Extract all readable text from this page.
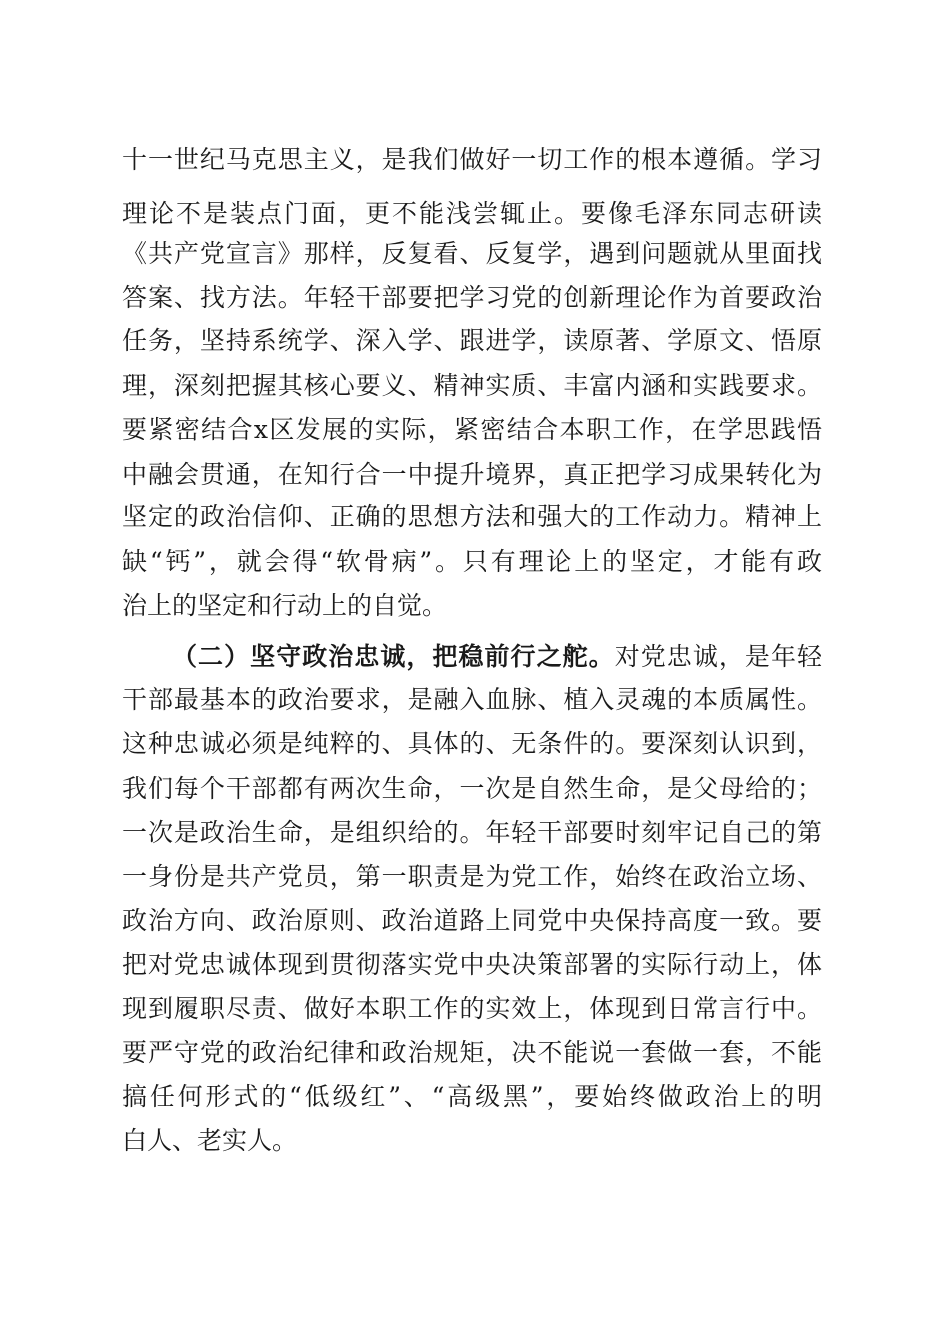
十一世纪马克思主义，是我们做好一切工作的根本遵循。学习
理论不是装点门面，更不能浅尝辄止。要像毛泽东同志研读
《共产党宣言》那样，反复看、反复学，遇到问题就从里面找
答案、找方法。年轻干部要把学习党的创新理论作为首要政治
任务，坚持系统学、深入学、跟进学，读原著、学原文、悟原
理，深刻把握其核心要义、精神实质、丰富内涵和实践要求。
要紧密结合x区发展的实际，紧密结合本职工作，在学思践悟
中融会贯通，在知行合一中提升境界，真正把学习成果转化为
坚定的政治信仰、正确的思想方法和强大的工作动力。精神上
缺“钙”，就会得“软骨病”。只有理论上的坚定，才能有政
治上的坚定和行动上的自觉。
（二）坚守政治忠诚，把稳前行之舵。对党忠诚，是年轻
干部最基本的政治要求，是融入血脉、植入灵魂的本质属性。
这种忠诚必须是纯粹的、具体的、无条件的。要深刻认识到，
我们每个干部都有两次生命，一次是自然生命，是父母给的；
一次是政治生命，是组织给的。年轻干部要时刻牢记自己的第
一身份是共产党员，第一职责是为党工作，始终在政治立场、
政治方向、政治原则、政治道路上同党中央保持高度一致。要
把对党忠诚体现到贯彻落实党中央决策部署的实际行动上，体
现到履职尽责、做好本职工作的实效上，体现到日常言行中。
要严守党的政治纪律和政治规矩，决不能说一套做一套，不能
搞任何形式的“低级红”、“高级黑”，要始终做政治上的明
白人、老实人。
